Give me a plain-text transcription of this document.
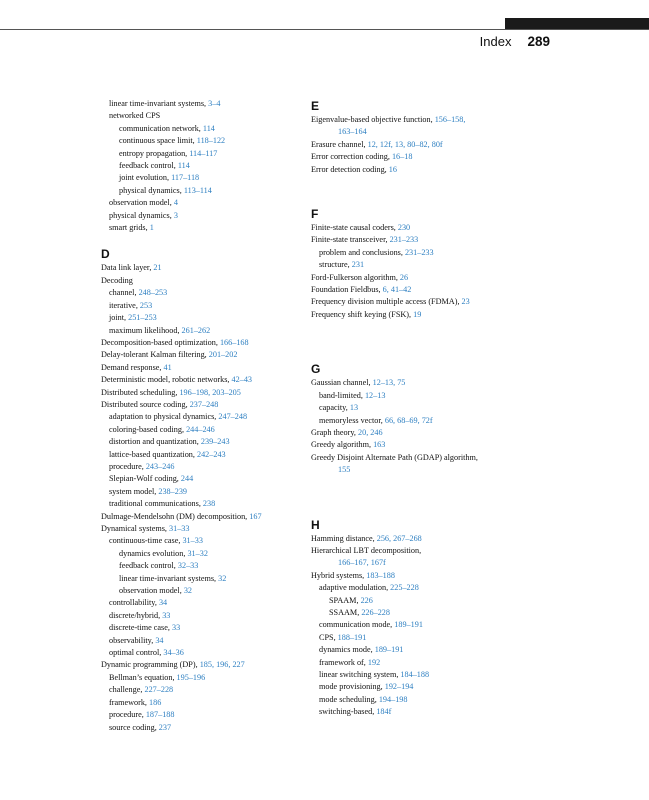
Index 289
linear time-invariant systems, 3–4
networked CPS
communication network, 114
continuous space limit, 118–122
entropy propagation, 114–117
feedback control, 114
joint evolution, 117–118
physical dynamics, 113–114
observation model, 4
physical dynamics, 3
smart grids, 1
D
Data link layer, 21
Decoding
channel, 248–253
iterative, 253
joint, 251–253
maximum likelihood, 261–262
Decomposition-based optimization, 166–168
Delay-tolerant Kalman filtering, 201–202
Demand response, 41
Deterministic model, robotic networks, 42–43
Distributed scheduling, 196–198, 203–205
Distributed source coding, 237–248
adaptation to physical dynamics, 247–248
coloring-based coding, 244–246
distortion and quantization, 239–243
lattice-based quantization, 242–243
procedure, 243–246
Slepian-Wolf coding, 244
system model, 238–239
traditional communications, 238
Dulmage-Mendelsohn (DM) decomposition, 167
Dynamical systems, 31–33
continuous-time case, 31–33
dynamics evolution, 31–32
feedback control, 32–33
linear time-invariant systems, 32
observation model, 32
controllability, 34
discrete/hybrid, 33
discrete-time case, 33
observability, 34
optimal control, 34–36
Dynamic programming (DP), 185, 196, 227
Bellman’s equation, 195–196
challenge, 227–228
framework, 186
procedure, 187–188
source coding, 237
E
Eigenvalue-based objective function, 156–158,
163–164
Erasure channel, 12, 12f, 13, 80–82, 80f
Error correction coding, 16–18
Error detection coding, 16
F
Finite-state causal coders, 230
Finite-state transceiver, 231–233
problem and conclusions, 231–233
structure, 231
Ford-Fulkerson algorithm, 26
Foundation Fieldbus, 6, 41–42
Frequency division multiple access (FDMA), 23
Frequency shift keying (FSK), 19
G
Gaussian channel, 12–13, 75
band-limited, 12–13
capacity, 13
memoryless vector, 66, 68–69, 72f
Graph theory, 20, 246
Greedy algorithm, 163
Greedy Disjoint Alternate Path (GDAP) algorithm,
155
H
Hamming distance, 256, 267–268
Hierarchical LBT decomposition,
166–167, 167f
Hybrid systems, 183–188
adaptive modulation, 225–228
SPAAM, 226
SSAAM, 226–228
communication mode, 189–191
CPS, 188–191
dynamics mode, 189–191
framework of, 192
linear switching system, 184–188
mode provisioning, 192–194
mode scheduling, 194–198
switching-based, 184f
